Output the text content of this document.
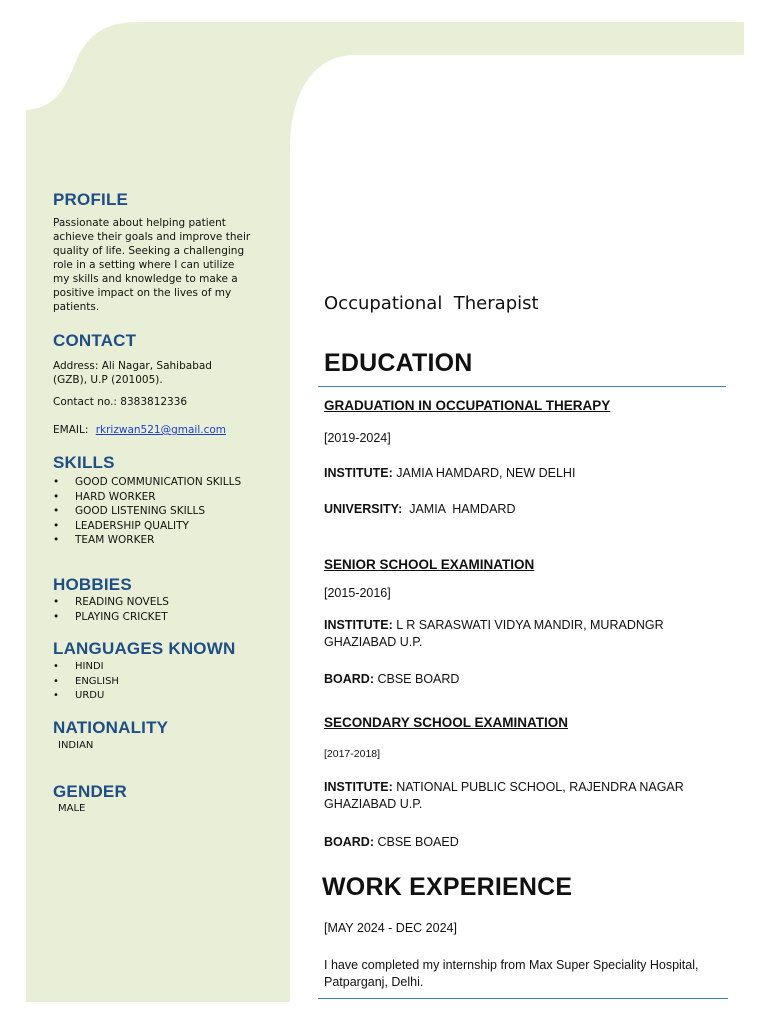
PROFILE

Passionate about helping patient achieve their goals and improve their quality of life. Seeking a challenging role in a setting where I can utilize my skills and knowledge to make a positive impact on the lives of my patients.

CONTACT

Address: Ali Nagar, Sahibabad (GZB), U.P (201005).

Contact no.: 8383812336

EMAIL: rkrizwan521@gmail.com

SKILLS
• GOOD COMMUNICATION SKILLS
• HARD WORKER
• GOOD LISTENING SKILLS
• LEADERSHIP QUALITY
• TEAM WORKER
HOBBIES
• READING NOVELS
• PLAYING CRICKET
LANGUAGES KNOWN
• HINDI
• ENGLISH
• URDU
NATIONALITY

INDIAN

GENDER

MALE

Occupational  Therapist

EDUCATION

GRADUATION IN OCCUPATIONAL THERAPY

[2019-2024]

INSTITUTE: JAMIA HAMDARD, NEW DELHI

UNIVERSITY: JAMIA  HAMDARD

SENIOR SCHOOL EXAMINATION

[2015-2016]

INSTITUTE: L R SARASWATI VIDYA MANDIR, MURADNGR GHAZIABAD U.P.

BOARD: CBSE BOARD

SECONDARY SCHOOL EXAMINATION

[2017-2018]

INSTITUTE: NATIONAL PUBLIC SCHOOL, RAJENDRA NAGAR GHAZIABAD U.P.

BOARD: CBSE BOAED

WORK EXPERIENCE

[MAY 2024 - DEC 2024]

I have completed my internship from Max Super Speciality Hospital, Patparganj, Delhi.
